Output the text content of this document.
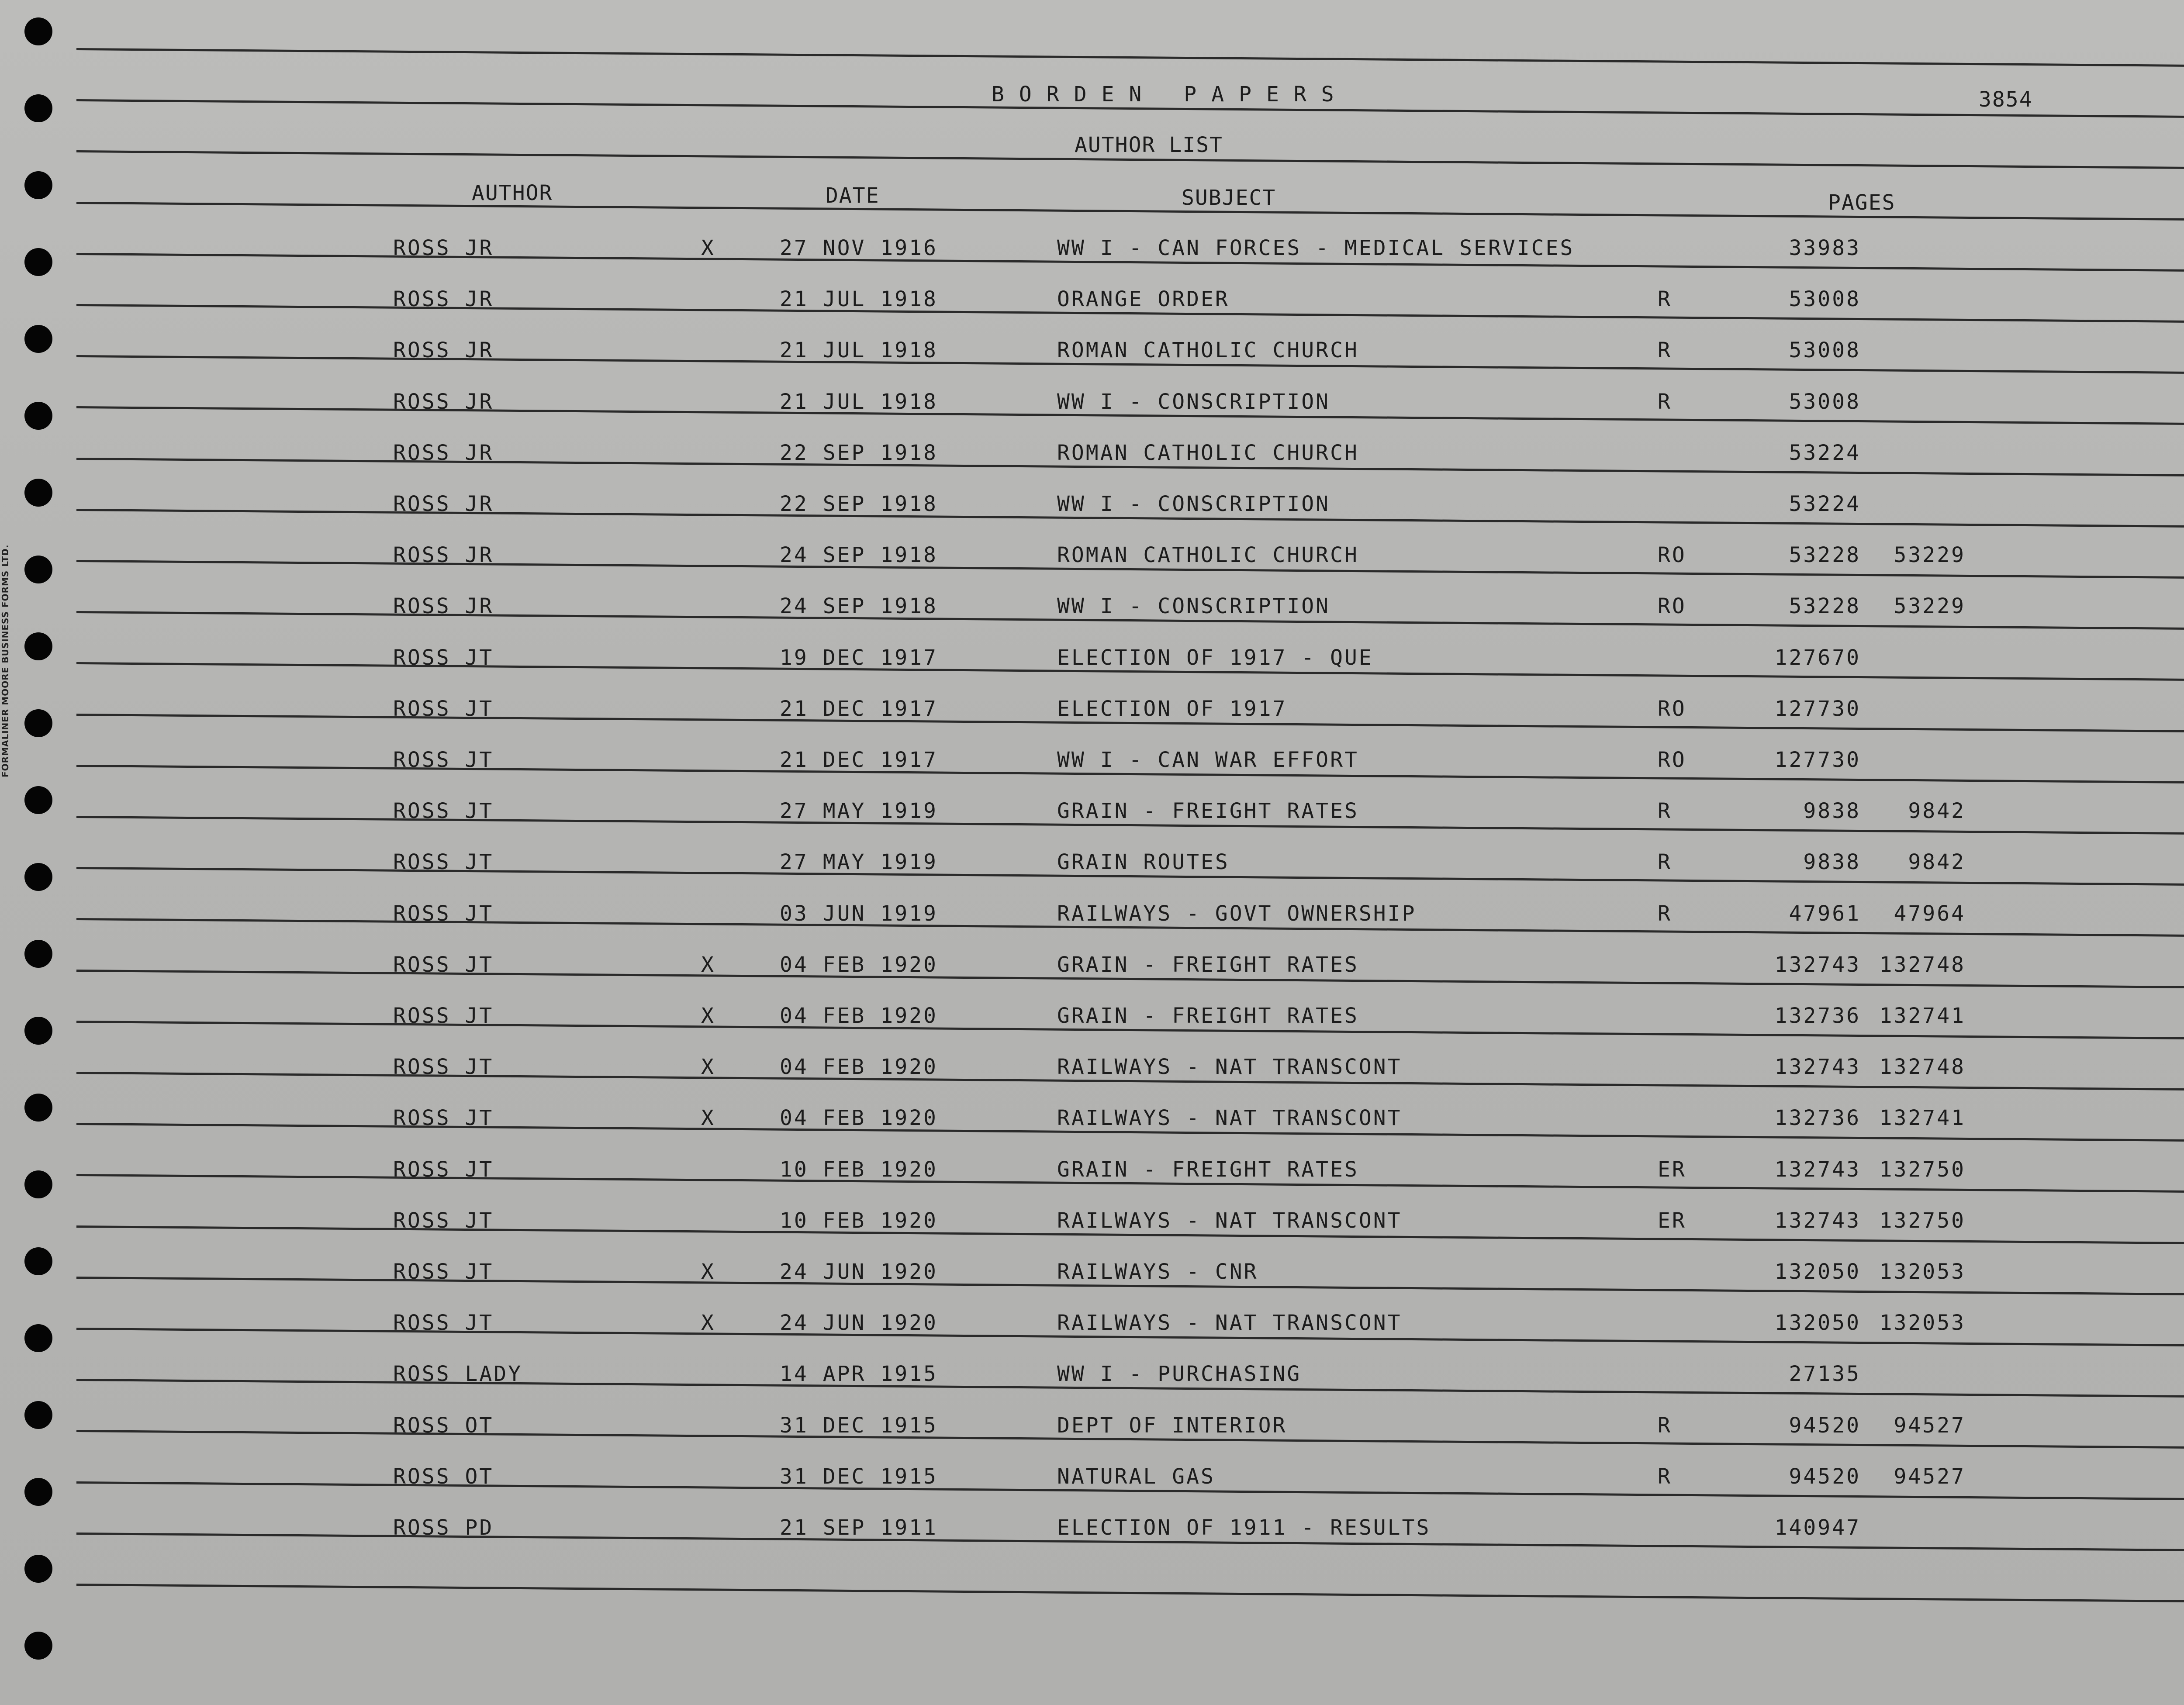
FORMALINER MOORE BUSINESS FORMS LTD.
BORDEN PAPERS	3854
AUTHOR LIST
AUTHOR	DATE	SUBJECT	PAGES
ROSS JR	X	27 NOV 1916	WW I - CAN FORCES - MEDICAL SERVICES	33983
ROSS JR	21 JUL 1918	ORANGE ORDER	R	53008
ROSS JR	21 JUL 1918	ROMAN CATHOLIC CHURCH	R	53008
ROSS JR	21 JUL 1918	WW I - CONSCRIPTION	R	53008
ROSS JR	22 SEP 1918	ROMAN CATHOLIC CHURCH	53224
ROSS JR	22 SEP 1918	WW I - CONSCRIPTION	53224
ROSS JR	24 SEP 1918	ROMAN CATHOLIC CHURCH	RO	53228	53229
ROSS JR	24 SEP 1918	WW I - CONSCRIPTION	RO	53228	53229
ROSS JT	19 DEC 1917	ELECTION OF 1917 - QUE	127670
ROSS JT	21 DEC 1917	ELECTION OF 1917	RO	127730
ROSS JT	21 DEC 1917	WW I - CAN WAR EFFORT	RO	127730
ROSS JT	27 MAY 1919	GRAIN - FREIGHT RATES	R	9838	9842
ROSS JT	27 MAY 1919	GRAIN ROUTES	R	9838	9842
ROSS JT	03 JUN 1919	RAILWAYS - GOVT OWNERSHIP	R	47961	47964
ROSS JT	X	04 FEB 1920	GRAIN - FREIGHT RATES	132743 132748
ROSS JT	X	04 FEB 1920	GRAIN - FREIGHT RATES	132736 132741
ROSS JT	X	04 FEB 1920	RAILWAYS - NAT TRANSCONT	132743 132748
ROSS JT	X	04 FEB 1920	RAILWAYS - NAT TRANSCONT	132736 132741
ROSS JT	10 FEB 1920	GRAIN - FREIGHT RATES	ER	132743 132750
ROSS JT	10 FEB 1920	RAILWAYS - NAT TRANSCONT	ER	132743 132750
ROSS JT	X	24 JUN 1920	RAILWAYS - CNR	132050 132053
ROSS JT	X	24 JUN 1920	RAILWAYS - NAT TRANSCONT	132050 132053
ROSS LADY	14 APR 1915	WW I - PURCHASING	27135
ROSS OT	31 DEC 1915	DEPT OF INTERIOR	R	94520	94527
ROSS OT	31 DEC 1915	NATURAL GAS	R	94520	94527
ROSS PD	21 SEP 1911	ELECTION OF 1911 - RESULTS	140947
